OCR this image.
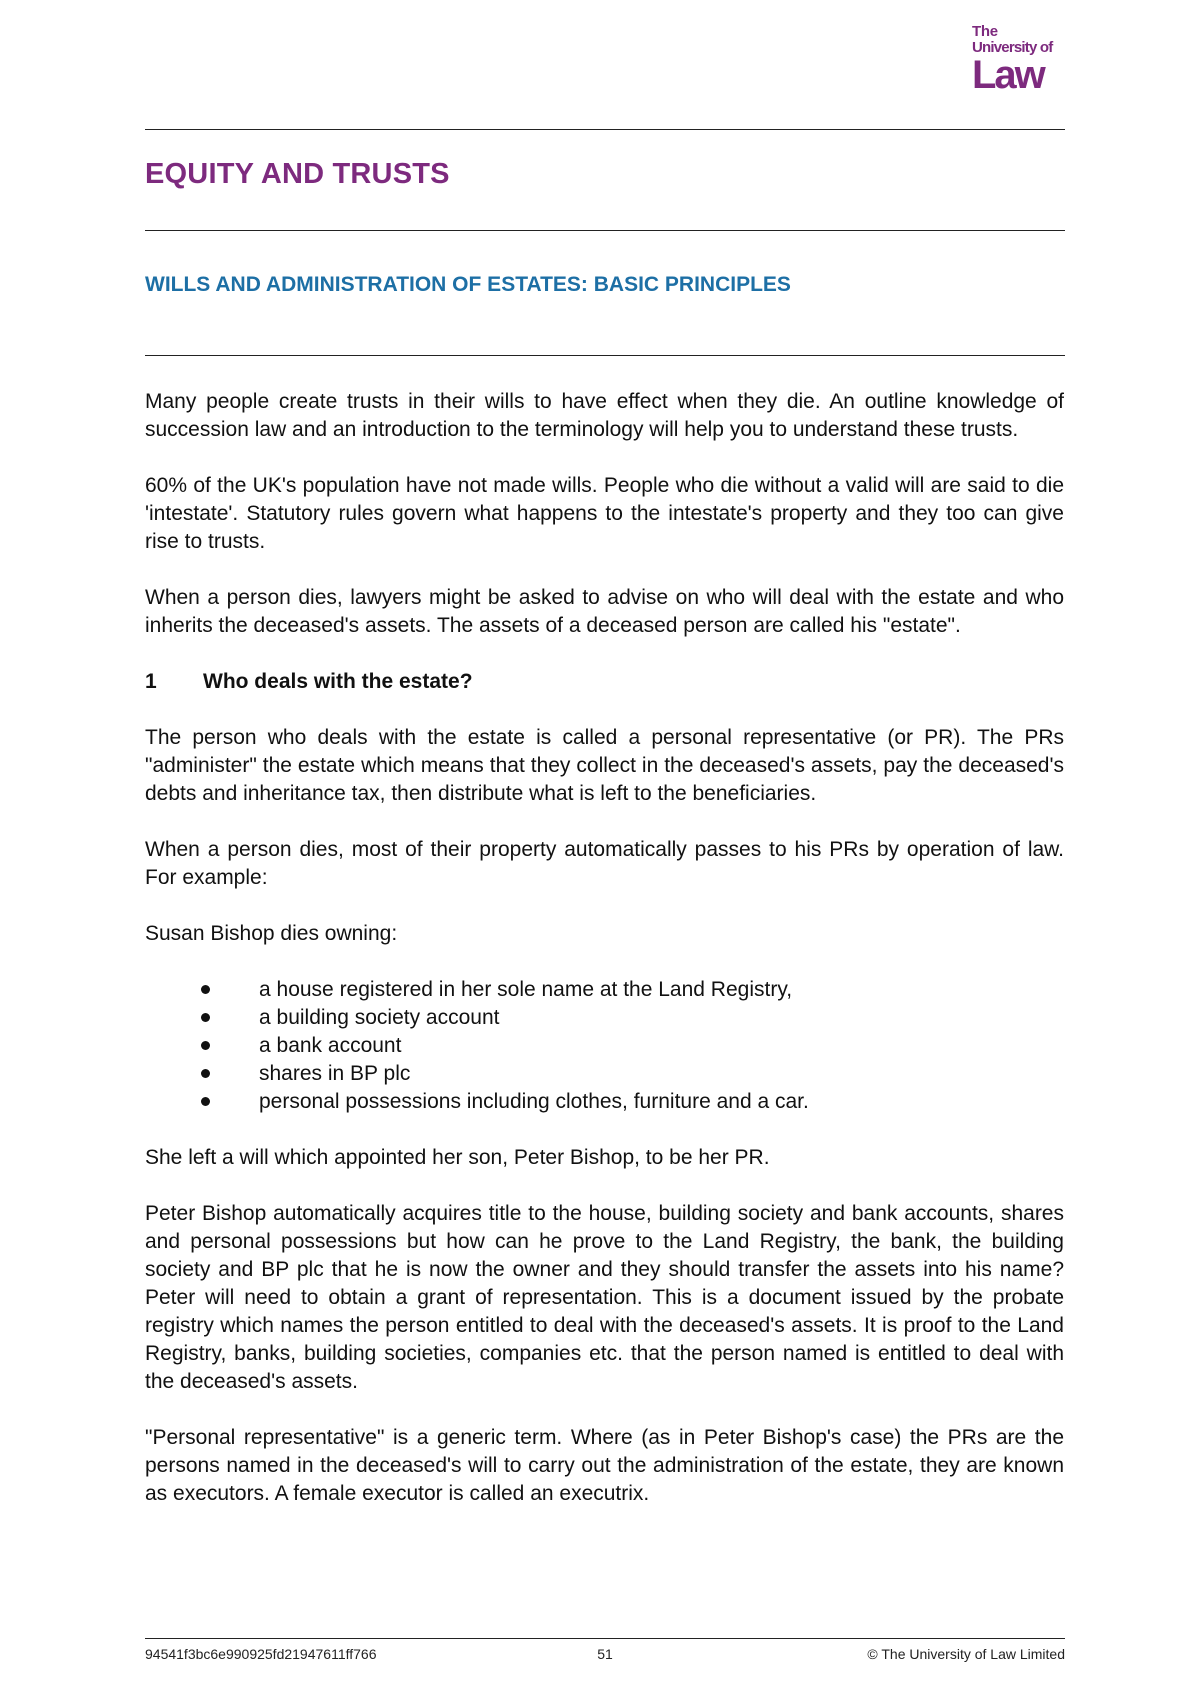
The
University of
Law
EQUITY AND TRUSTS
WILLS AND ADMINISTRATION OF ESTATES: BASIC PRINCIPLES

Many people create trusts in their wills to have effect when they die. An outline knowledge of succession law and an introduction to the terminology will help you to understand these trusts.

60% of the UK's population have not made wills. People who die without a valid will are said to die 'intestate'. Statutory rules govern what happens to the intestate's property and they too can give rise to trusts.

When a person dies, lawyers might be asked to advise on who will deal with the estate and who inherits the deceased's assets. The assets of a deceased person are called his "estate".

1	Who deals with the estate?

The person who deals with the estate is called a personal representative (or PR). The PRs "administer" the estate which means that they collect in the deceased's assets, pay the deceased's debts and inheritance tax, then distribute what is left to the beneficiaries.

When a person dies, most of their property automatically passes to his PRs by operation of law. For example:

Susan Bishop dies owning:

a house registered in her sole name at the Land Registry,
a building society account
a bank account
shares in BP plc
personal possessions including clothes, furniture and a car.

She left a will which appointed her son, Peter Bishop, to be her PR.

Peter Bishop automatically acquires title to the house, building society and bank accounts, shares and personal possessions but how can he prove to the Land Registry, the bank, the building society and BP plc that he is now the owner and they should transfer the assets into his name? Peter will need to obtain a grant of representation. This is a document issued by the probate registry which names the person entitled to deal with the deceased's assets. It is proof to the Land Registry, banks, building societies, companies etc. that the person named is entitled to deal with the deceased's assets.

"Personal representative" is a generic term. Where (as in Peter Bishop's case) the PRs are the persons named in the deceased's will to carry out the administration of the estate, they are known as executors. A female executor is called an executrix.

94541f3bc6e990925fd21947611ff766	51	© The University of Law Limited
